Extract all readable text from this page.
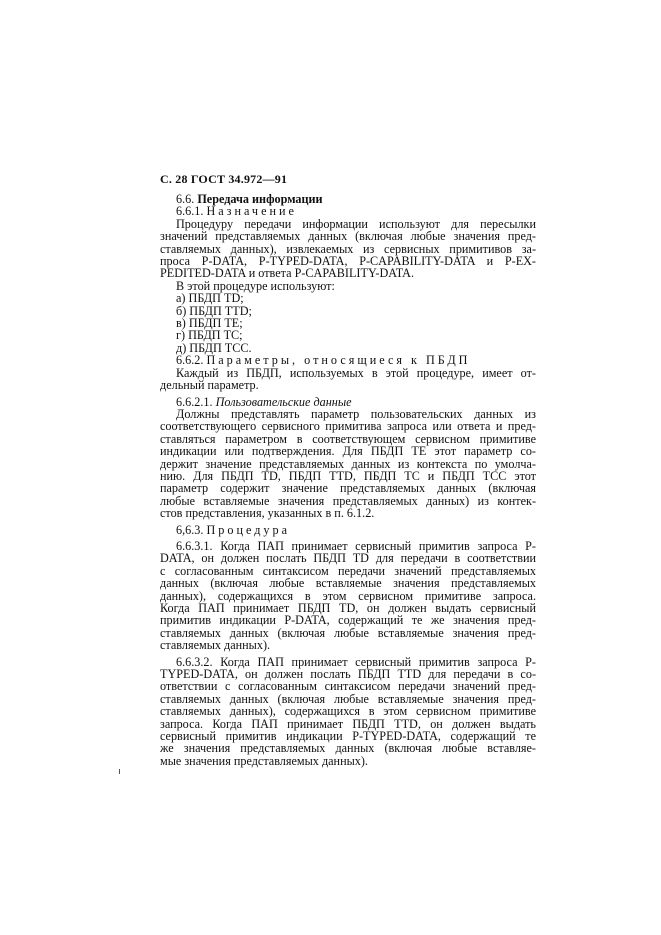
С. 28 ГОСТ 34.972—91
6.6. Передача информации
6.6.1. Назначение
Процедуру передачи информации используют для пересылки
значений представляемых данных (включая любые значения пред-
ставляемых данных), извлекаемых из сервисных примитивов за-
проса P-DATA, P-TYPED-DATA, P-CAPABILITY-DATA и P-EX-
PEDITED-DATA и ответа P-CAPABILITY-DATA.
В этой процедуре используют:
а) ПБДП TD;
б) ПБДП TTD;
в) ПБДП TE;
г) ПБДП TC;
д) ПБДП TCC.
6.6.2. Параметры, относящиеся к ПБДП
Каждый из ПБДП, используемых в этой процедуре, имеет от-
дельный параметр.
6.6.2.1. Пользовательские данные
Должны представлять параметр пользовательских данных из
соответствующего сервисного примитива запроса или ответа и пред-
ставляться параметром в соответствующем сервисном примитиве
индикации или подтверждения. Для ПБДП TE этот параметр со-
держит значение представляемых данных из контекста по умолча-
нию. Для ПБДП TD, ПБДП TTD, ПБДП TC и ПБДП TCC этот
параметр содержит значение представляемых данных (включая
любые вставляемые значения представляемых данных) из контек-
стов представления, указанных в п. 6.1.2.
6,6.3. Процедура
6.6.3.1. Когда ПАП принимает сервисный примитив запроса P-
DATA, он должен послать ПБДП TD для передачи в соответствии
с согласованным синтаксисом передачи значений представляемых
данных (включая любые вставляемые значения представляемых
данных), содержащихся в этом сервисном примитиве запроса.
Когда ПАП принимает ПБДП TD, он должен выдать сервисный
примитив индикации P-DATA, содержащий те же значения пред-
ставляемых данных (включая любые вставляемые значения пред-
ставляемых данных).
6.6.3.2. Когда ПАП принимает сервисный примитив запроса P-
TYPED-DATA, он должен послать ПБДП TTD для передачи в со-
ответствии с согласованным синтаксисом передачи значений пред-
ставляемых данных (включая любые вставляемые значения пред-
ставляемых данных), содержащихся в этом сервисном примитиве
запроса. Когда ПАП принимает ПБДП TTD, он должен выдать
сервисный примитив индикации P-TYPED-DATA, содержащий те
же значения представляемых данных (включая любые вставляе-
мые значения представляемых данных).
